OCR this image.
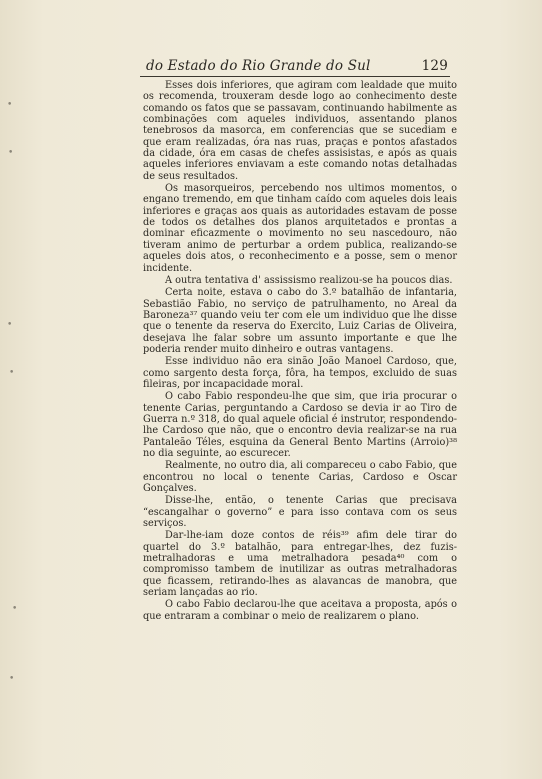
do Estado do Rio Grande do Sul	129

Esses dois inferiores, que agiram com lealdade que muito os recomenda, trouxeram desde logo ao conhecimento deste comando os fatos que se passavam, continuando habilmente as combinações com aqueles individuos, assentando planos tenebrosos da masorca, em conferencias que se sucediam e que eram realizadas, óra nas ruas, praças e pontos afastados da cidade, óra em casas de chefes assisistas, e após as quais aqueles inferiores enviavam a este comando notas detalhadas de seus resultados.

Os masorqueiros, percebendo nos ultimos momentos, o engano tremendo, em que tinham caído com aqueles dois leais inferiores e graças aos quais as autoridades estavam de posse de todos os detalhes dos planos arquitetados e prontas a dominar eficazmente o movimento no seu nascedouro, não tiveram animo de perturbar a ordem publica, realizando-se aqueles dois atos, o reconhecimento e a posse, sem o menor incidente.

A outra tentativa d' assissismo realizou-se ha poucos dias.

Certa noite, estava o cabo do 3.º batalhão de infantaria, Sebastião Fabio, no serviço de patrulhamento, no Areal da Baroneza³⁷ quando veiu ter com ele um individuo que lhe disse que o tenente da reserva do Exercito, Luiz Carias de Oliveira, desejava lhe falar sobre um assunto importante e que lhe poderia render muito dinheiro e outras vantagens.

Esse individuo não era sinão João Manoel Cardoso, que, como sargento desta força, fôra, ha tempos, excluido de suas fileiras, por incapacidade moral.

O cabo Fabio respondeu-lhe que sim, que iria procurar o tenente Carias, perguntando a Cardoso se devia ir ao Tiro de Guerra n.º 318, do qual aquele oficial é instrutor, respondendo-lhe Cardoso que não, que o encontro devia realizar-se na rua Pantaleão Téles, esquina da General Bento Martins (Arroio)³⁸ no dia seguinte, ao escurecer.

Realmente, no outro dia, ali compareceu o cabo Fabio, que encontrou no local o tenente Carias, Cardoso e Oscar Gonçalves.

Disse-lhe, então, o tenente Carias que precisava “escangalhar o governo” e para isso contava com os seus serviços.

Dar-lhe-iam doze contos de réis³⁹ afim dele tirar do quartel do 3.º batalhão, para entregar-lhes, dez fuzis-metralhadoras e uma metralhadora pesada⁴⁰ com o compromisso tambem de inutilizar as outras metralhadoras que ficassem, retirando-lhes as alavancas de manobra, que seriam lançadas ao rio.

O cabo Fabio declarou-lhe que aceitava a proposta, após o que entraram a combinar o meio de realizarem o plano.

•
•
•
•
•
•
